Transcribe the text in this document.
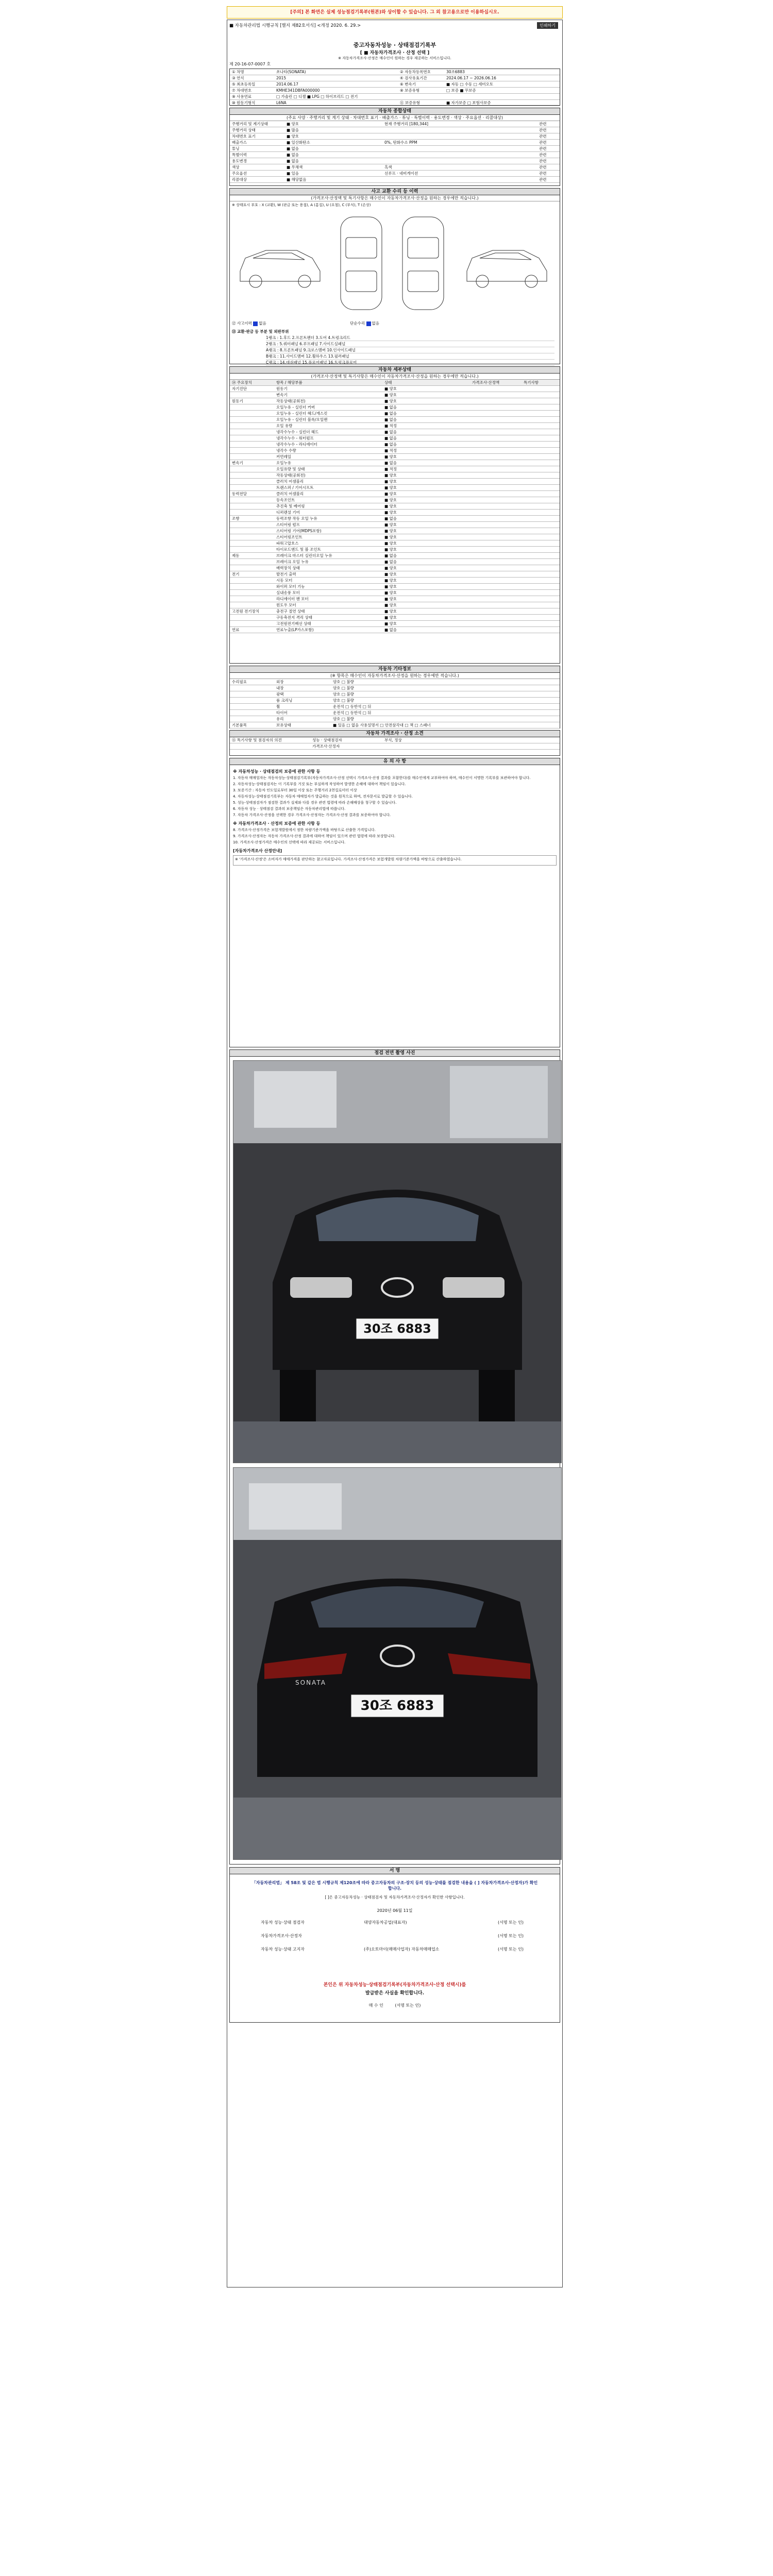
[주의] 본 화면은 실제 성능점검기록부(원본)와 상이할 수 있습니다. 그 외 참고용으로만 이용하십시오.
■ 자동차관리법 시행규칙 [별지 제82호서식] <개정 2020. 6. 29.>	인쇄하기
중고자동차성능 · 상태점검기록부
[ ■ 자동차가격조사 · 산정 선택 ]
※ 자동차가격조사·산정은 매수인이 원하는 경우 제공하는 서비스입니다.
제 20-16-07-0007 호
① 차명	쏘나타(SONATA)	② 자동차등록번호	30조6883
③ 연식	2015	④ 검사유효기간	2024.06.17 ~ 2026.06.16
⑤ 최초등록일	2014.06.17	⑥ 변속기	■ 자동 □ 수동 □ 세미오토
⑦ 차대번호	KMHE341DBFA000000	⑧ 보증유형	□ 보증 ■ 무보증
⑨ 사용연료	□ 가솔린 □ 디젤 ■ LPG □ 하이브리드 □ 전기
⑩ 원동기형식	L6NA	⑪ 보증유형	■ 자가보증 □ 보험사보증
자동차 종합상태
(주요 사양 · 주행거리 및 계기 상태 · 차대번호 표기 · 배출가스 · 튜닝 · 특별이력 · 용도변경 · 색상 · 주요옵션 · 리콜대상)
주행거리 및 계기상태	■ 양호	현재 주행거리 [180,344]	관련
주행거리 상태	■ 많음	관련
차대번호 표기	■ 양호	관련
배출가스	■ 일산화탄소	0%, 탄화수소 PPM	관련
튜닝	■ 없음	관련
특별이력	■ 없음	관련
용도변경	■ 없음	관련
색상	■ 무채색	흑색	관련
주요옵션	■ 있음	선루프 · 네비게이션	관련
리콜대상	■ 해당없음	관련
사고 교환 수리 등 이력
(가격조사·산정액 및 특기사항은 매수인이 자동차가격조사·산정을 원하는 경우에만 적습니다.)
※ 상태표시 부호 : X (교환), W (판금 또는 용접), A (흠집), U (요철), C (부식), T (손상)
⑫ 사고이력 없음	단순수리 없음
⑬ 교환·판금 등 부분 및 외판부위
1랭크 : 1.후드 2.프론트펜더 3.도어 4.트렁크리드
2랭크 : 5.쿼터패널 6.루프패널 7.사이드실패널
A랭크 : 8.프론트패널 9.크로스멤버 10.인사이드패널
B랭크 : 11.사이드멤버 12.휠하우스 13.필러패널
C랭크 : 14.대쉬패널 15.플로어패널 16.트렁크플로어
자동차 세부상태
(가격조사·산정액 및 특기사항은 매수인이 자동차가격조사·산정을 원하는 경우에만 적습니다.)
⑭ 주요장치	항목 / 해당부품	상태	가격조사·산정액	특기사항
자기진단	원동기	■ 양호
변속기	■ 양호
원동기	작동상태(공회전)	■ 양호
오일누유 - 실린더 커버	■ 없음
오일누유 - 실린더 헤드/개스킷	■ 없음
오일누유 - 실린더 블록/오일팬	■ 없음
오일 유량	■ 적정
냉각수누수 - 실린더 헤드	■ 없음
냉각수누수 - 워터펌프	■ 없음
냉각수누수 - 라디에이터	■ 없음
냉각수 수량	■ 적정
커먼레일	■ 양호
변속기	오일누유	■ 없음
오일유량 및 상태	■ 적정
작동상태(공회전)	■ 양호
클러치 어셈블리	■ 양호
트랜스퍼 / 기어시프트	■ 양호
동력전달	클러치 어셈블리	■ 양호
등속조인트	■ 양호
추진축 및 베어링	■ 양호
디퍼렌셜 기어	■ 양호
조향	동력조향 작동 오일 누유	■ 없음
스티어링 펌프	■ 양호
스티어링 기어(MDPS포함)	■ 양호
스티어링조인트	■ 양호
파워고압호스	■ 양호
타이로드엔드 및 볼 조인트	■ 양호
제동	브레이크 마스터 실린더오일 누유	■ 없음
브레이크 오일 누유	■ 없음
배력장치 상태	■ 양호
전기	발전기 출력	■ 양호
시동 모터	■ 양호
와이퍼 모터 기능	■ 양호
실내송풍 모터	■ 양호
라디에이터 팬 모터	■ 양호
윈도우 모터	■ 양호
고전원 전기장치	충전구 절연 상태	■ 양호
구동축전지 격리 상태	■ 양호
고전원전기배선 상태	■ 양호
연료	연료누출(LP가스포함)	■ 없음
자동차 기타정보
(※ 항목은 매수인이 자동차가격조사·산정을 원하는 경우에만 적습니다.)
수리필요	외장	양호 □ 불량
내장	양호 □ 불량
광택	양호 □ 불량
룸 크리닝	양호 □ 불량
휠	운전석 □ 동반석 □ 뒤
타이어	운전석 □ 동반석 □ 뒤
유리	양호 □ 불량
기본품목	보유상태	■ 있음 □ 없음 사용설명서 □ 안전삼각대 □ 잭 □ 스패너
자동차 가격조사 · 산정 소견
⑮ 특기사항 및 점검자의 의견	성능 · 상태점검자	부식, 정상
가격조사·산정자
유 의 사 항
※ 자동차성능 · 상태점검의 보증에 관한 사항 등

1. 자동차 매매업자는 자동차성능·상태점검기록부(자동차가격조사·산정 선택시 가격조사·산정 결과를 포함한다)를 매수인에게 교부하여야 하며, 매수인이 서명한 기록부를 보관하여야 합니다.

2. 자동차성능·상태점검자는 이 기록부를 거짓 또는 부실하게 작성하여 발생한 손해에 대하여 책임이 있습니다.

3. 보증기간 : 자동차 인도일로부터 30일 이상 또는 주행거리 2천킬로미터 이상

4. 자동차성능·상태점검기록부는 자동차 매매업자가 발급하는 것을 원칙으로 하며, 전자문서로 발급할 수 있습니다.

5. 성능·상태점검자가 점검한 결과가 실제와 다를 경우 관련 법령에 따라 손해배상을 청구할 수 있습니다.

6. 자동차 성능 · 상태점검 결과의 보증책임은 자동차관리법에 따릅니다.

7. 자동차 가격조사·산정을 선택한 경우 가격조사·산정자는 가격조사·산정 결과를 보증하여야 합니다.

※ 자동차가격조사 · 산정의 보증에 관한 사항 등

8. 가격조사·산정가격은 보험개발원에서 정한 차량기준가액을 바탕으로 산출한 가격입니다.

9. 가격조사·산정자는 자동차 가격조사·산정 결과에 대하여 책임이 있으며 관련 법령에 따라 보상합니다.

10. 가격조사·산정가격은 매수인의 선택에 따라 제공되는 서비스입니다.

[자동차가격조사 산정안내]

※ '가격조사·산정'은 소비자가 매매가격을 판단하는 참고자료입니다. 가격조사·산정가격은 보험개발원 차량기준가액을 바탕으로 산출하였습니다.

점검 전면 촬영 사진
30조 6883
30조 6883
SONATA
서 명
「자동차관리법」 제 58조 및 같은 법 시행규칙 제120조에 따라 중고자동차의 구조·장치 등의 성능·상태를 점검한 내용을 ( ] 자동차가격조사·산정자)가 확인합니다.
[ ]은 중고자동차성능 · 상태점검자 및 자동차가격조사·산정자가 확인한 사항입니다.
2020년 06월 11일
자동차 성능·상태 점검자	대양자동차공업(대표자)	(서명 또는 인)
자동차가격조사·산정자	(서명 또는 인)
자동차 성능·상태 고지자	(주)오토마이(매매사업자) 자동차매매업소	(서명 또는 인)
본인은 위 자동차성능·상태점검기록부(자동차가격조사·산정 선택시)를
발급받은 사실을 확인합니다.
매 수 인	(서명 또는 인)
